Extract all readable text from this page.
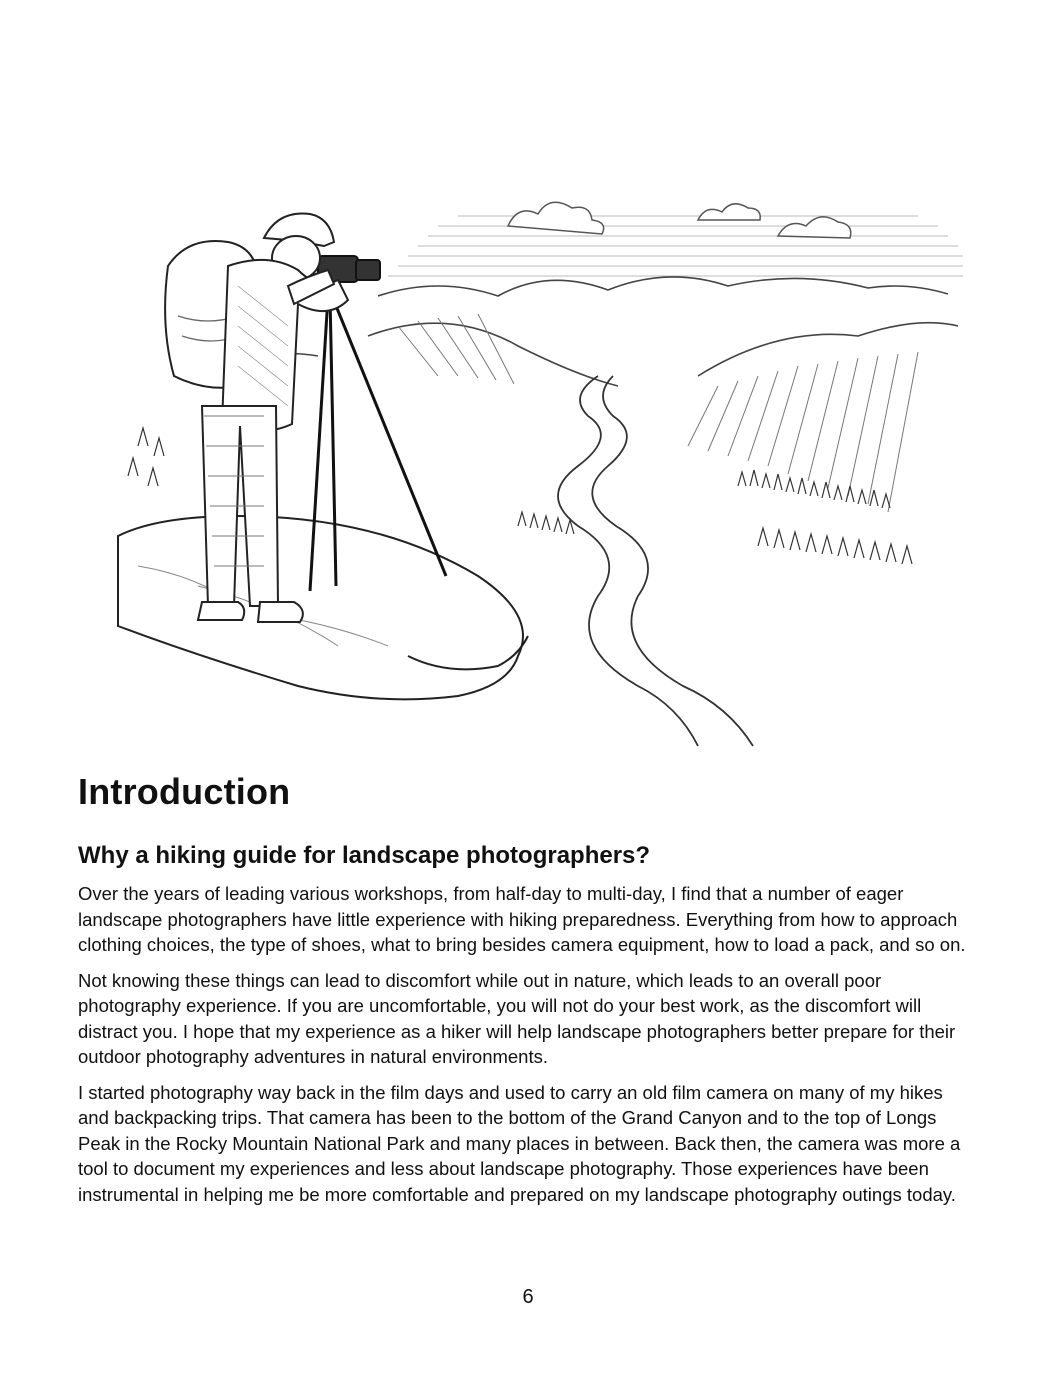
Introduction
Why a hiking guide for landscape photographers?

Over the years of leading various workshops, from half-day to multi-day, I find that a number of eager landscape photographers have little experience with hiking preparedness. Everything from how to approach clothing choices, the type of shoes, what to bring besides camera equipment, how to load a pack, and so on.

Not knowing these things can lead to discomfort while out in nature, which leads to an overall poor photography experience. If you are uncomfortable, you will not do your best work, as the discomfort will distract you. I hope that my experience as a hiker will help landscape photographers better prepare for their outdoor photography adventures in natural environments.

I started photography way back in the film days and used to carry an old film camera on many of my hikes and backpacking trips. That camera has been to the bottom of the Grand Canyon and to the top of Longs Peak in the Rocky Mountain National Park and many places in between. Back then, the camera was more a tool to document my experiences and less about landscape photography. Those experiences have been instrumental in helping me be more comfortable and prepared on my landscape photography outings today.

6
